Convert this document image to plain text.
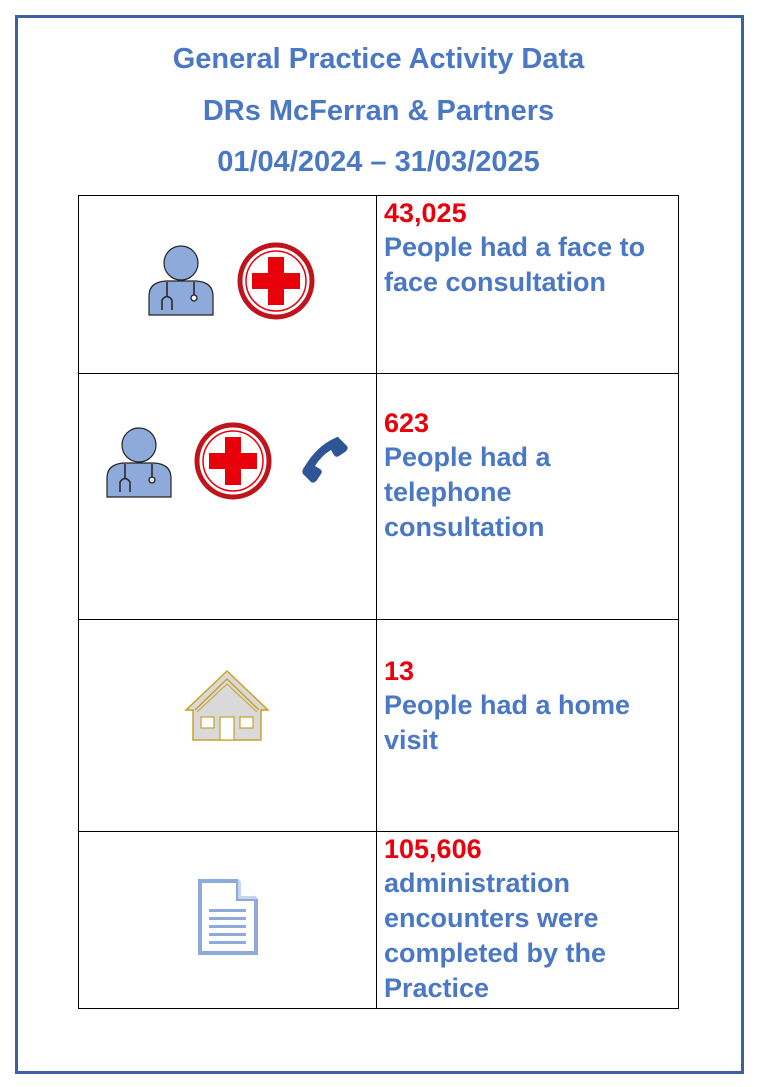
General Practice Activity Data
DRs McFerran & Partners
01/04/2024 – 31/03/2025

43,025
People had a face to face consultation

623
People had a telephone consultation

13
People had a home visit

105,606
administration encounters were completed by the Practice
